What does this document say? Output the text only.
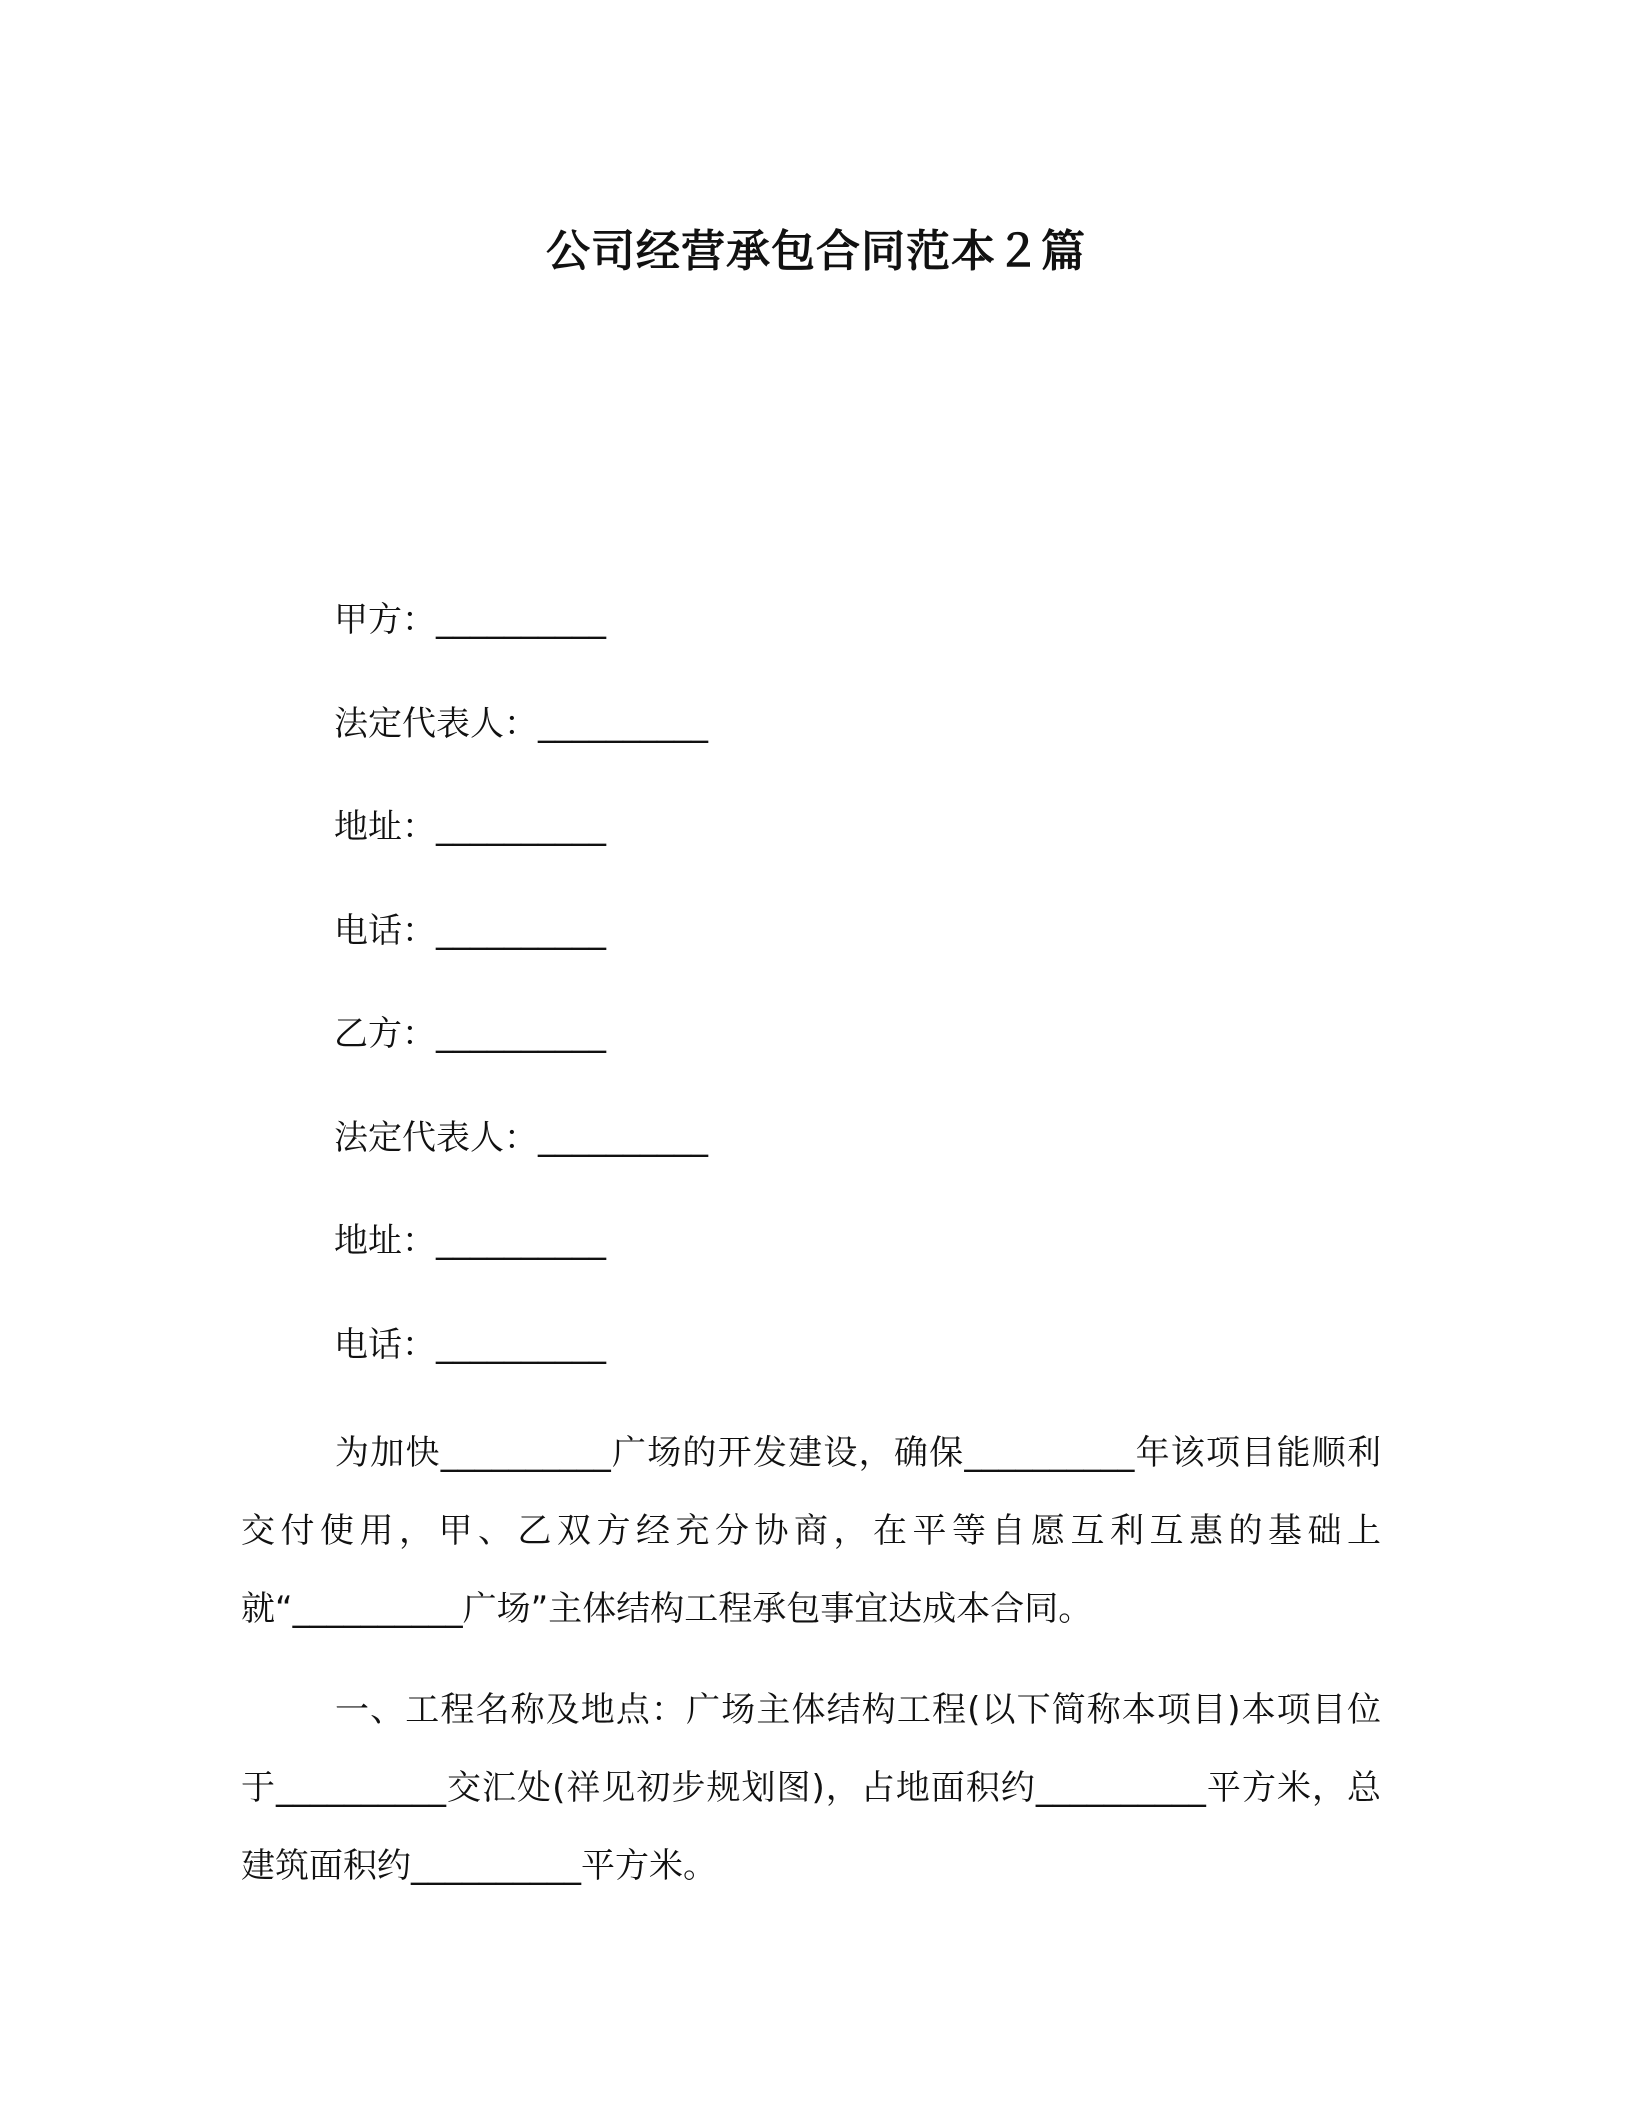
公司经营承包合同范本２篇
甲方：__________
法定代表人：__________
地址：__________
电话：__________
乙方：__________
法定代表人：__________
地址：__________
电话：__________
为加快__________广场的开发建设，确保__________年该项目能顺利交付使用，甲、乙双方经充分协商，在平等自愿互利互惠的基础上就“__________广场”主体结构工程承包事宜达成本合同。
一、工程名称及地点：广场主体结构工程(以下简称本项目)本项目位于__________交汇处(祥见初步规划图)，占地面积约__________平方米，总建筑面积约__________平方米。
